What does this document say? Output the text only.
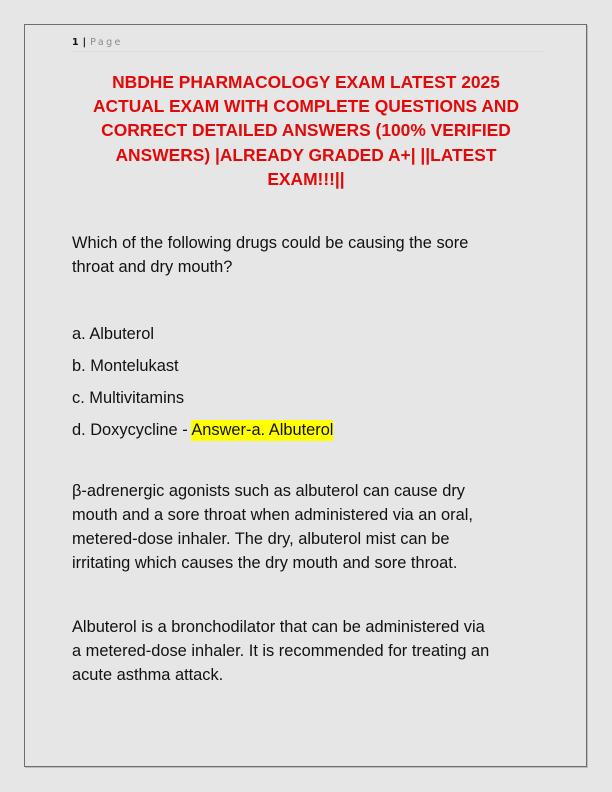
1 | Page
NBDHE PHARMACOLOGY EXAM LATEST 2025
ACTUAL EXAM WITH COMPLETE QUESTIONS AND
CORRECT DETAILED ANSWERS (100% VERIFIED
ANSWERS) |ALREADY GRADED A+| ||LATEST
EXAM!!!||
Which of the following drugs could be causing the sore
throat and dry mouth?
a. Albuterol
b. Montelukast
c. Multivitamins
d. Doxycycline - Answer-a. Albuterol
β-adrenergic agonists such as albuterol can cause dry
mouth and a sore throat when administered via an oral,
metered-dose inhaler. The dry, albuterol mist can be
irritating which causes the dry mouth and sore throat.
Albuterol is a bronchodilator that can be administered via
a metered-dose inhaler. It is recommended for treating an
acute asthma attack.
